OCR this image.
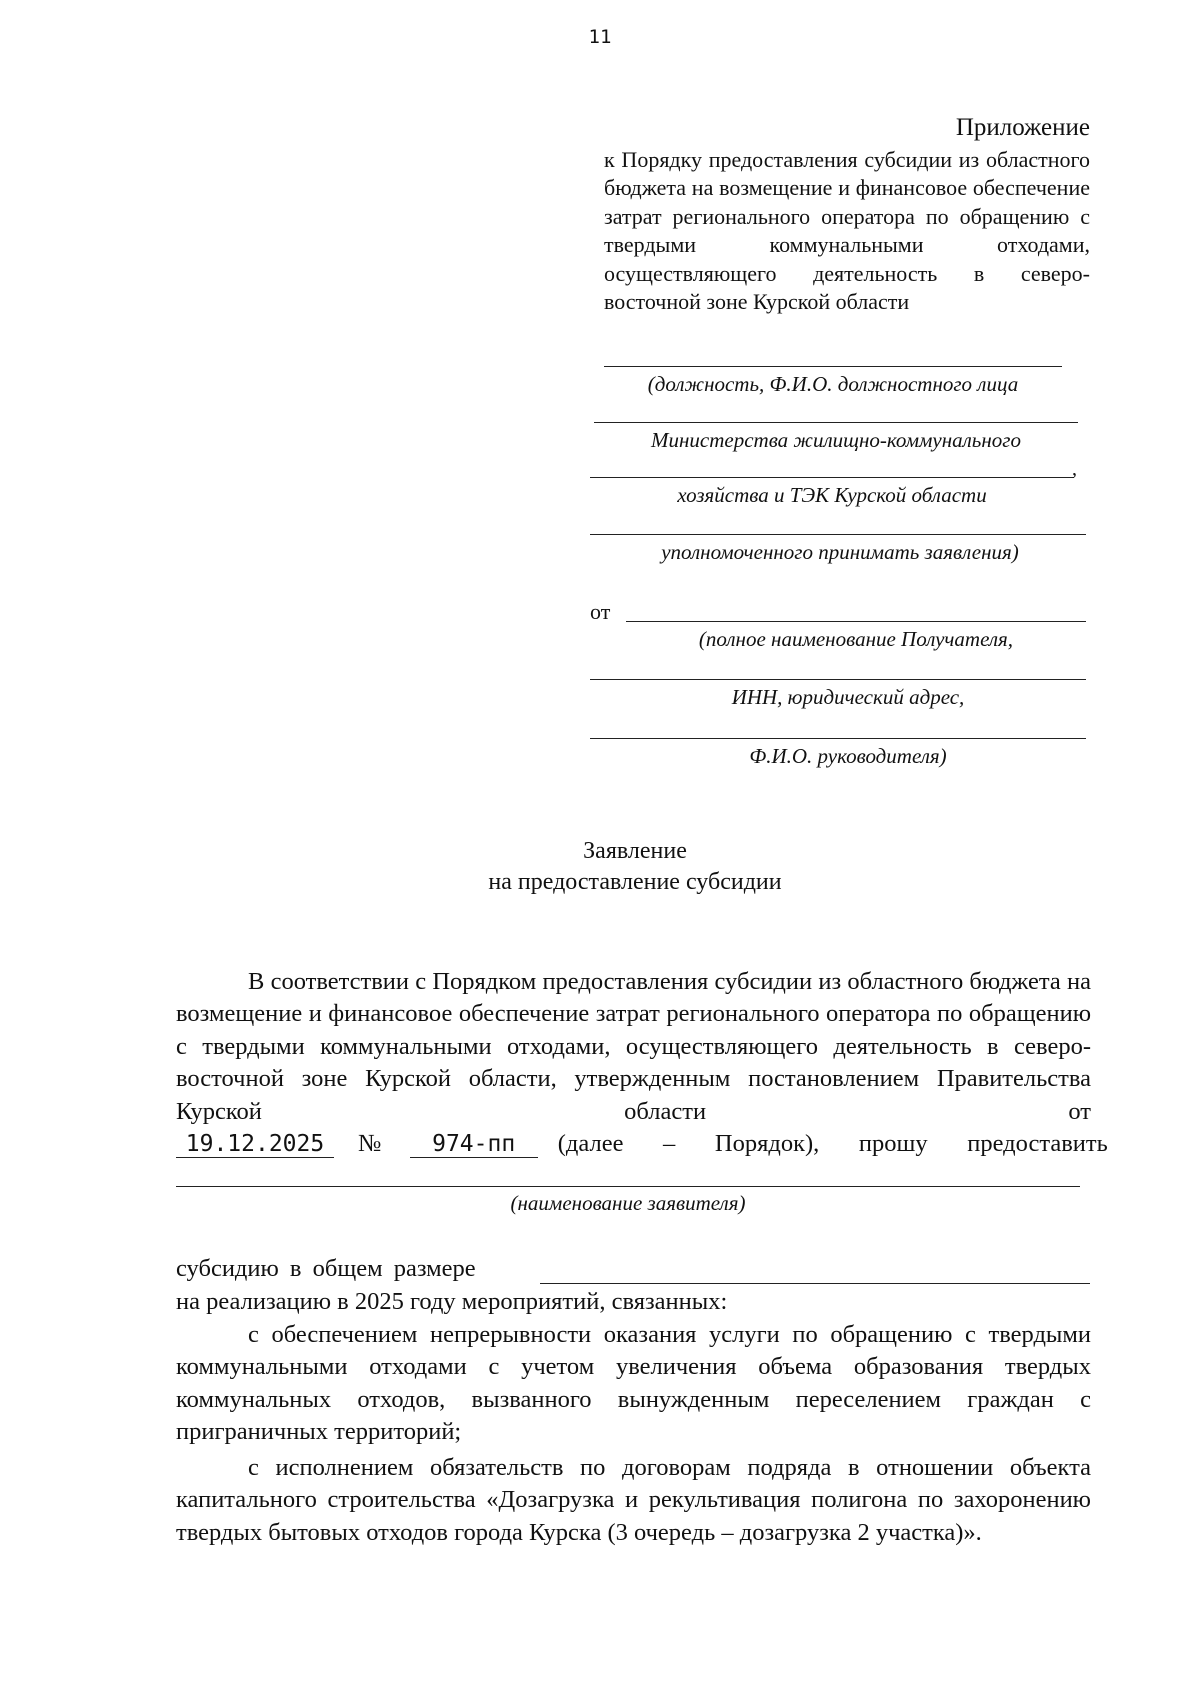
11
Приложение
к Порядку предоставления субсидии из областного бюджета на возмещение и финансовое обеспечение затрат регионального оператора по обращению с твердыми коммунальными отходами, осуществляющего деятельность в северо-восточной зоне Курской области
(должность, Ф.И.О. должностного лица
Министерства жилищно-коммунального
,
хозяйства и ТЭК Курской области
уполномоченного принимать заявления)
от
(полное наименование Получателя,
ИНН, юридический адрес,
Ф.И.О. руководителя)
Заявление
на предоставление субсидии
В соответствии с Порядком предоставления субсидии из областного бюджета на возмещение и финансовое обеспечение затрат регионального оператора по обращению с твердыми коммунальными отходами, осуществляющего деятельность в северо-восточной зоне Курской области, утвержденным постановлением Правительства Курской области от
19.12.2025 № 974-пп (далее – Порядок), прошу предоставить
(наименование заявителя)
субсидию в общем размере
на реализацию в 2025 году мероприятий, связанных:
с обеспечением непрерывности оказания услуги по обращению с твердыми коммунальными отходами с учетом увеличения объема образования твердых коммунальных отходов, вызванного вынужденным переселением граждан с приграничных территорий;
с исполнением обязательств по договорам подряда в отношении объекта капитального строительства «Дозагрузка и рекультивация полигона по захоронению твердых бытовых отходов города Курска (3 очередь – дозагрузка 2 участка)».
